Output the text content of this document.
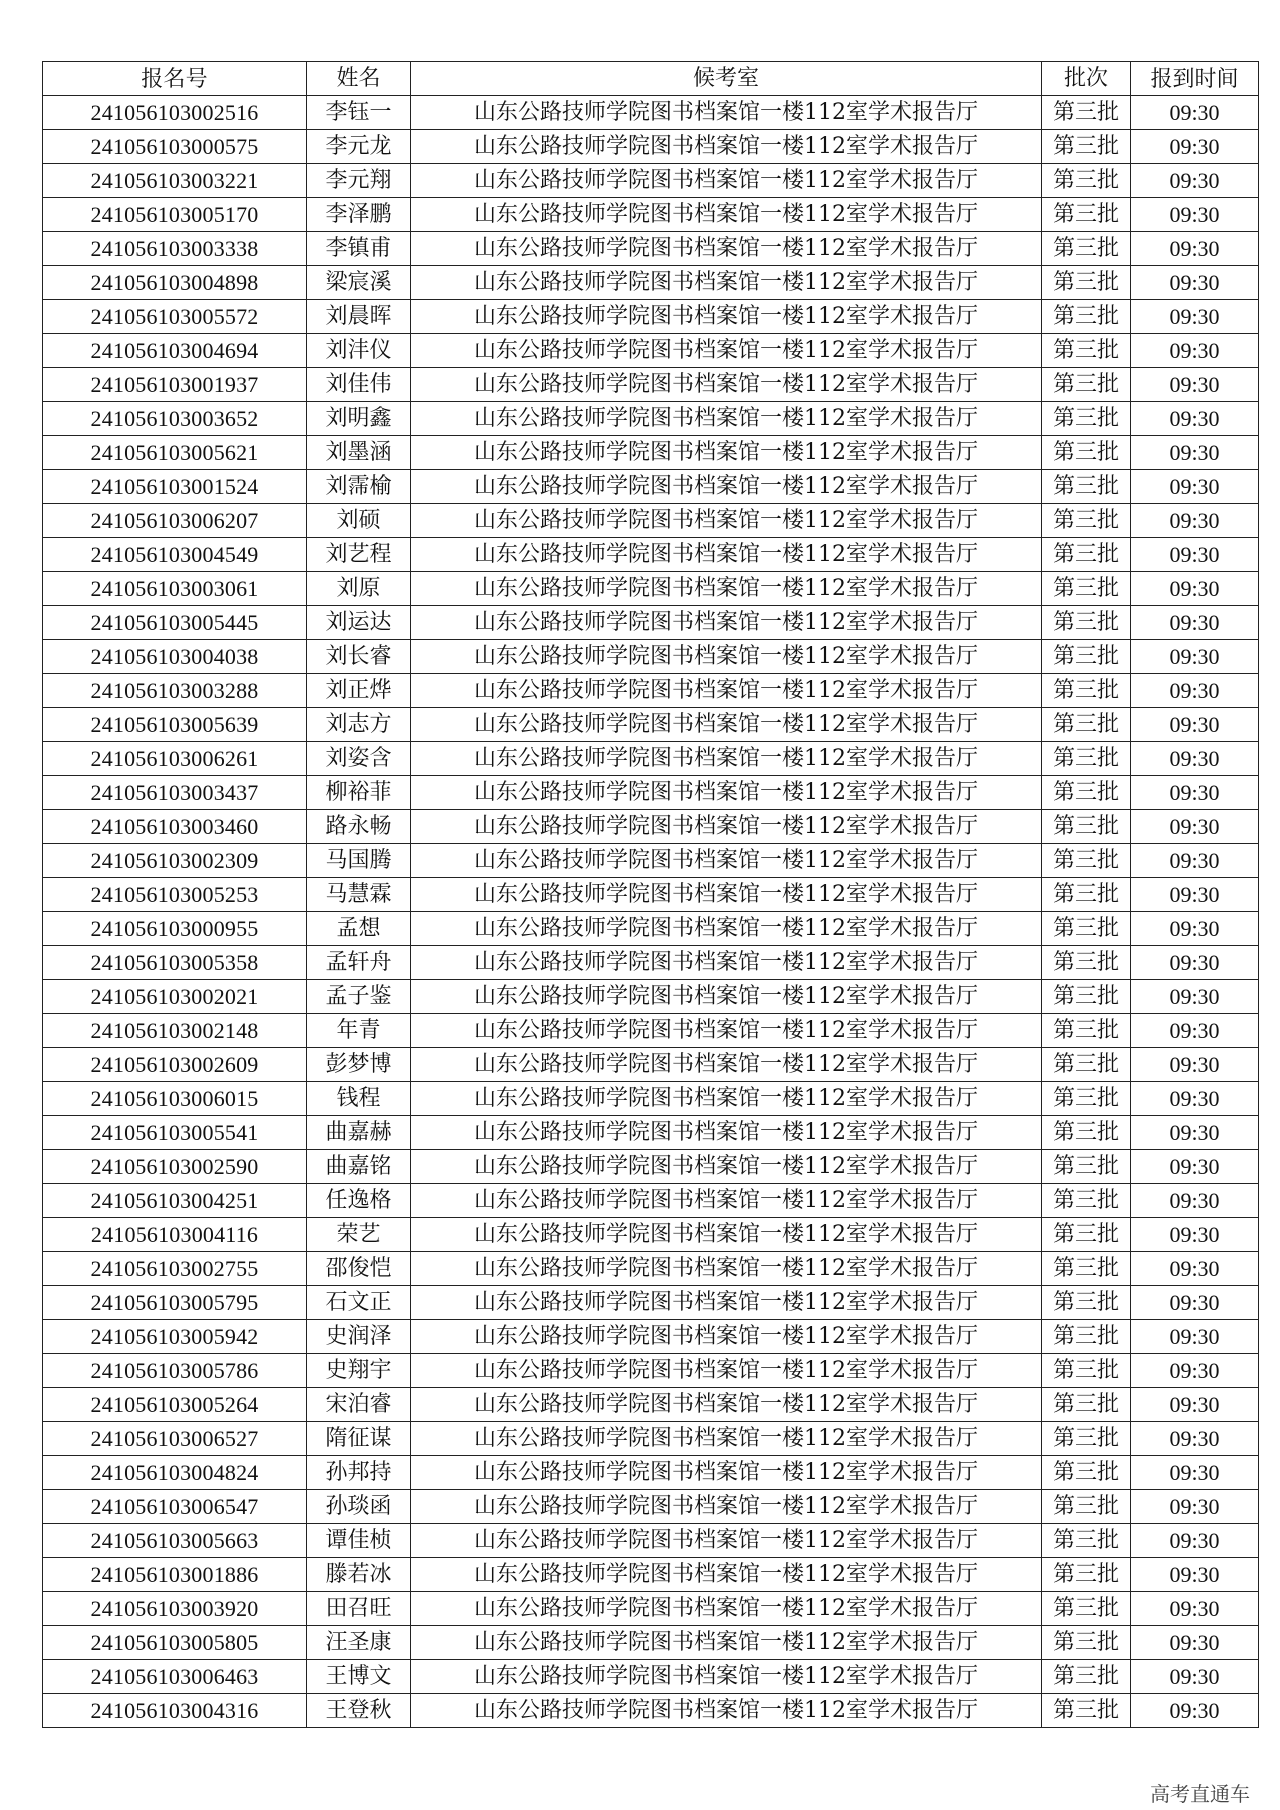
报名号	姓名	候考室	批次	报到时间
241056103002516	李钰一	山东公路技师学院图书档案馆一楼112室学术报告厅	第三批	09:30
241056103000575	李元龙	山东公路技师学院图书档案馆一楼112室学术报告厅	第三批	09:30
241056103003221	李元翔	山东公路技师学院图书档案馆一楼112室学术报告厅	第三批	09:30
241056103005170	李泽鹏	山东公路技师学院图书档案馆一楼112室学术报告厅	第三批	09:30
241056103003338	李镇甫	山东公路技师学院图书档案馆一楼112室学术报告厅	第三批	09:30
241056103004898	梁宸溪	山东公路技师学院图书档案馆一楼112室学术报告厅	第三批	09:30
241056103005572	刘晨晖	山东公路技师学院图书档案馆一楼112室学术报告厅	第三批	09:30
241056103004694	刘沣仪	山东公路技师学院图书档案馆一楼112室学术报告厅	第三批	09:30
241056103001937	刘佳伟	山东公路技师学院图书档案馆一楼112室学术报告厅	第三批	09:30
241056103003652	刘明鑫	山东公路技师学院图书档案馆一楼112室学术报告厅	第三批	09:30
241056103005621	刘墨涵	山东公路技师学院图书档案馆一楼112室学术报告厅	第三批	09:30
241056103001524	刘霈榆	山东公路技师学院图书档案馆一楼112室学术报告厅	第三批	09:30
241056103006207	刘硕	山东公路技师学院图书档案馆一楼112室学术报告厅	第三批	09:30
241056103004549	刘艺程	山东公路技师学院图书档案馆一楼112室学术报告厅	第三批	09:30
241056103003061	刘原	山东公路技师学院图书档案馆一楼112室学术报告厅	第三批	09:30
241056103005445	刘运达	山东公路技师学院图书档案馆一楼112室学术报告厅	第三批	09:30
241056103004038	刘长睿	山东公路技师学院图书档案馆一楼112室学术报告厅	第三批	09:30
241056103003288	刘正烨	山东公路技师学院图书档案馆一楼112室学术报告厅	第三批	09:30
241056103005639	刘志方	山东公路技师学院图书档案馆一楼112室学术报告厅	第三批	09:30
241056103006261	刘姿含	山东公路技师学院图书档案馆一楼112室学术报告厅	第三批	09:30
241056103003437	柳裕菲	山东公路技师学院图书档案馆一楼112室学术报告厅	第三批	09:30
241056103003460	路永畅	山东公路技师学院图书档案馆一楼112室学术报告厅	第三批	09:30
241056103002309	马国腾	山东公路技师学院图书档案馆一楼112室学术报告厅	第三批	09:30
241056103005253	马慧霖	山东公路技师学院图书档案馆一楼112室学术报告厅	第三批	09:30
241056103000955	孟想	山东公路技师学院图书档案馆一楼112室学术报告厅	第三批	09:30
241056103005358	孟轩舟	山东公路技师学院图书档案馆一楼112室学术报告厅	第三批	09:30
241056103002021	孟子鉴	山东公路技师学院图书档案馆一楼112室学术报告厅	第三批	09:30
241056103002148	年青	山东公路技师学院图书档案馆一楼112室学术报告厅	第三批	09:30
241056103002609	彭梦博	山东公路技师学院图书档案馆一楼112室学术报告厅	第三批	09:30
241056103006015	钱程	山东公路技师学院图书档案馆一楼112室学术报告厅	第三批	09:30
241056103005541	曲嘉赫	山东公路技师学院图书档案馆一楼112室学术报告厅	第三批	09:30
241056103002590	曲嘉铭	山东公路技师学院图书档案馆一楼112室学术报告厅	第三批	09:30
241056103004251	任逸格	山东公路技师学院图书档案馆一楼112室学术报告厅	第三批	09:30
241056103004116	荣艺	山东公路技师学院图书档案馆一楼112室学术报告厅	第三批	09:30
241056103002755	邵俊恺	山东公路技师学院图书档案馆一楼112室学术报告厅	第三批	09:30
241056103005795	石文正	山东公路技师学院图书档案馆一楼112室学术报告厅	第三批	09:30
241056103005942	史润泽	山东公路技师学院图书档案馆一楼112室学术报告厅	第三批	09:30
241056103005786	史翔宇	山东公路技师学院图书档案馆一楼112室学术报告厅	第三批	09:30
241056103005264	宋泊睿	山东公路技师学院图书档案馆一楼112室学术报告厅	第三批	09:30
241056103006527	隋征谋	山东公路技师学院图书档案馆一楼112室学术报告厅	第三批	09:30
241056103004824	孙邦持	山东公路技师学院图书档案馆一楼112室学术报告厅	第三批	09:30
241056103006547	孙琰函	山东公路技师学院图书档案馆一楼112室学术报告厅	第三批	09:30
241056103005663	谭佳桢	山东公路技师学院图书档案馆一楼112室学术报告厅	第三批	09:30
241056103001886	滕若冰	山东公路技师学院图书档案馆一楼112室学术报告厅	第三批	09:30
241056103003920	田召旺	山东公路技师学院图书档案馆一楼112室学术报告厅	第三批	09:30
241056103005805	汪圣康	山东公路技师学院图书档案馆一楼112室学术报告厅	第三批	09:30
241056103006463	王博文	山东公路技师学院图书档案馆一楼112室学术报告厅	第三批	09:30
241056103004316	王登秋	山东公路技师学院图书档案馆一楼112室学术报告厅	第三批	09:30
高考直通车
